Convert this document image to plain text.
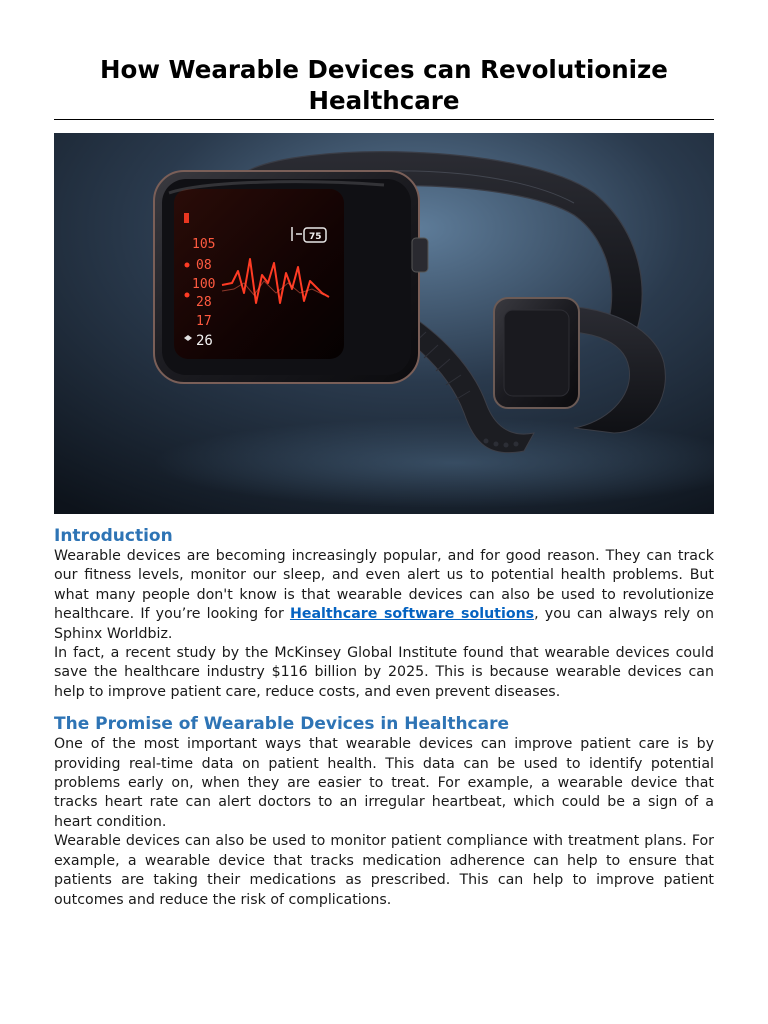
How Wearable Devices can Revolutionize Healthcare
105
08
100
28
17
26
75
Introduction

Wearable devices are becoming increasingly popular, and for good reason. They can track our fitness levels, monitor our sleep, and even alert us to potential health problems. But what many people don't know is that wearable devices can also be used to revolutionize healthcare. If you’re looking for Healthcare software solutions, you can always rely on Sphinx Worldbiz.

In fact, a recent study by the McKinsey Global Institute found that wearable devices could save the healthcare industry $116 billion by 2025. This is because wearable devices can help to improve patient care, reduce costs, and even prevent diseases.

The Promise of Wearable Devices in Healthcare

One of the most important ways that wearable devices can improve patient care is by providing real-time data on patient health. This data can be used to identify potential problems early on, when they are easier to treat. For example, a wearable device that tracks heart rate can alert doctors to an irregular heartbeat, which could be a sign of a heart condition.

Wearable devices can also be used to monitor patient compliance with treatment plans. For example, a wearable device that tracks medication adherence can help to ensure that patients are taking their medications as prescribed. This can help to improve patient outcomes and reduce the risk of complications.
